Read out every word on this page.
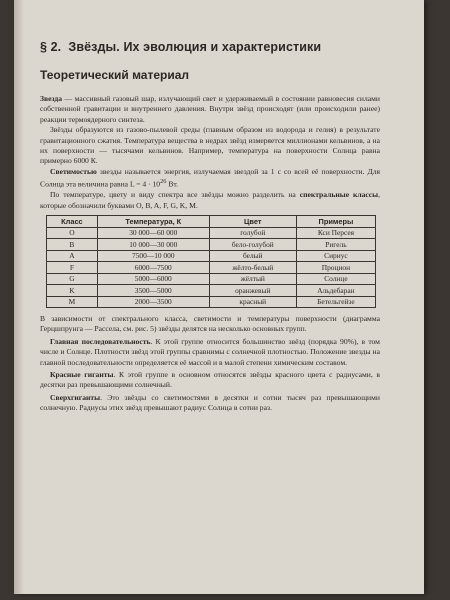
§ 2. Звёзды. Их эволюция и характеристики
Теоретический материал

Звезда — массивный газовый шар, излучающий свет и удерживаемый в состоянии равновесия силами собственной гравитации и внутреннего давления. Внутри звёзд происходят (или происходили ранее) реакции термоядерного синтеза.

Звёзды образуются из газово-пылевой среды (главным образом из водорода и гелия) в результате гравитационного сжатия. Температура вещества в недрах звёзд измеряется миллионами кельвинов, а на их поверхности — тысячами кельвинов. Например, температура на поверхности Солнца равна примерно 6000 К.

Светимостью звезды называется энергия, излучаемая звездой за 1 с со всей её поверхности. Для Солнца эта величина равна $L = 4 \cdot 10^{26}$ Вт.

По температуре, цвету и виду спектра все звёзды можно разделить на спектральные классы, которые обозначили буквами O, B, A, F, G, K, M.

Класс	Температура, К	Цвет	Примеры
O	30 000—60 000	голубой	Кси Персея
B	10 000—30 000	бело-голубой	Ригель
A	7500—10 000	белый	Сириус
F	6000—7500	жёлто-белый	Процион
G	5000—6000	жёлтый	Солнце
K	3500—5000	оранжевый	Альдебаран
M	2000—3500	красный	Бетельгейзе

В зависимости от спектрального класса, светимости и температуры поверхности (диаграмма Герцшпрунга — Рассела, см. рис. 5) звёзды делятся на несколько основных групп.

Главная последовательность. К этой группе относится большинство звёзд (порядка 90%), в том числе и Солнце. Плотности звёзд этой группы сравнимы с солнечной плотностью. Положение звезды на главной последовательности определяется её массой и в малой степени химическим составом.

Красные гиганты. К этой группе в основном относятся звёзды красного цвета с радиусами, в десятки раз превышающими солнечный.

Сверхгиганты. Это звёзды со светимостями в десятки и сотни тысяч раз превышающими солнечную. Радиусы этих звёзд превышают радиус Солнца в сотни раз.
